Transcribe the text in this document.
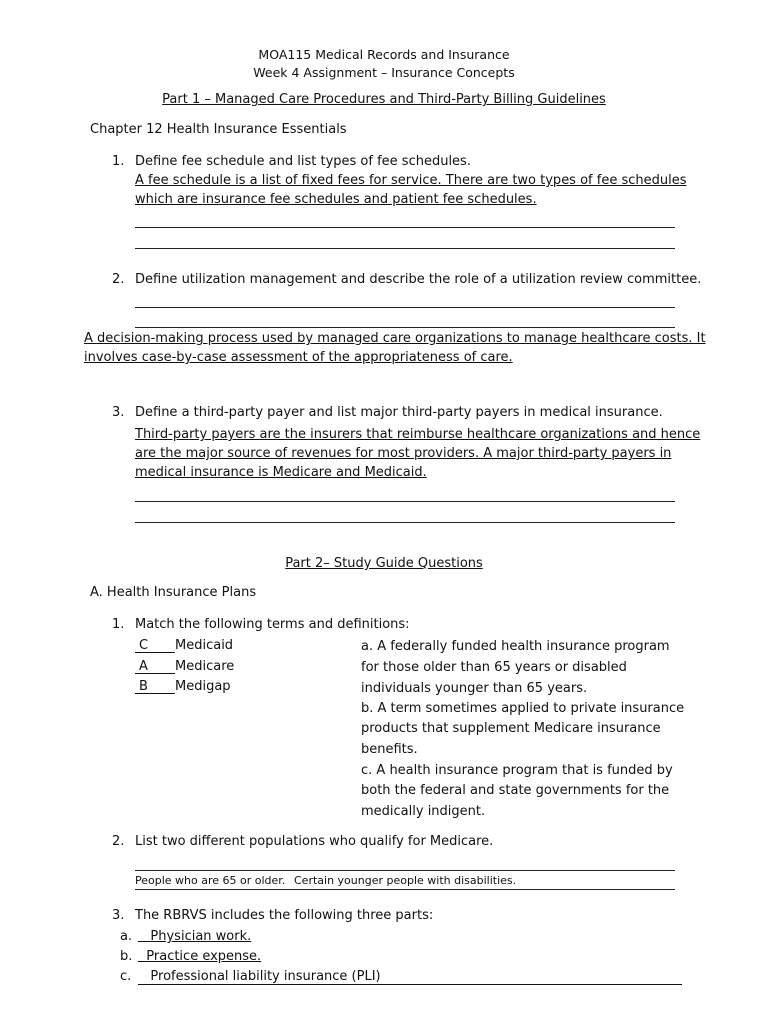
MOA115 Medical Records and Insurance
Week 4 Assignment – Insurance Concepts
Part 1 – Managed Care Procedures and Third-Party Billing Guidelines
Chapter 12 Health Insurance Essentials
1. Define fee schedule and list types of fee schedules.
A fee schedule is a list of fixed fees for service. There are two types of fee schedules
which are insurance fee schedules and patient fee schedules.
2. Define utilization management and describe the role of a utilization review committee.
A decision-making process used by managed care organizations to manage healthcare costs. It
involves case-by-case assessment of the appropriateness of care.
3. Define a third-party payer and list major third-party payers in medical insurance.
Third-party payers are the insurers that reimburse healthcare organizations and hence
are the major source of revenues for most providers. A major third-party payers in
medical insurance is Medicare and Medicaid.
Part 2– Study Guide Questions
A. Health Insurance Plans
1. Match the following terms and definitions:
C Medicaid
A Medicare
B Medigap
a. A federally funded health insurance program
for those older than 65 years or disabled
individuals younger than 65 years.
b. A term sometimes applied to private insurance
products that supplement Medicare insurance
benefits.
c. A health insurance program that is funded by
both the federal and state governments for the
medically indigent.
2. List two different populations who qualify for Medicare.
People who are 65 or older. Certain younger people with disabilities.
3. The RBRVS includes the following three parts:
a.	Physician work.
b.	Practice expense.
c.	Professional liability insurance (PLI)
